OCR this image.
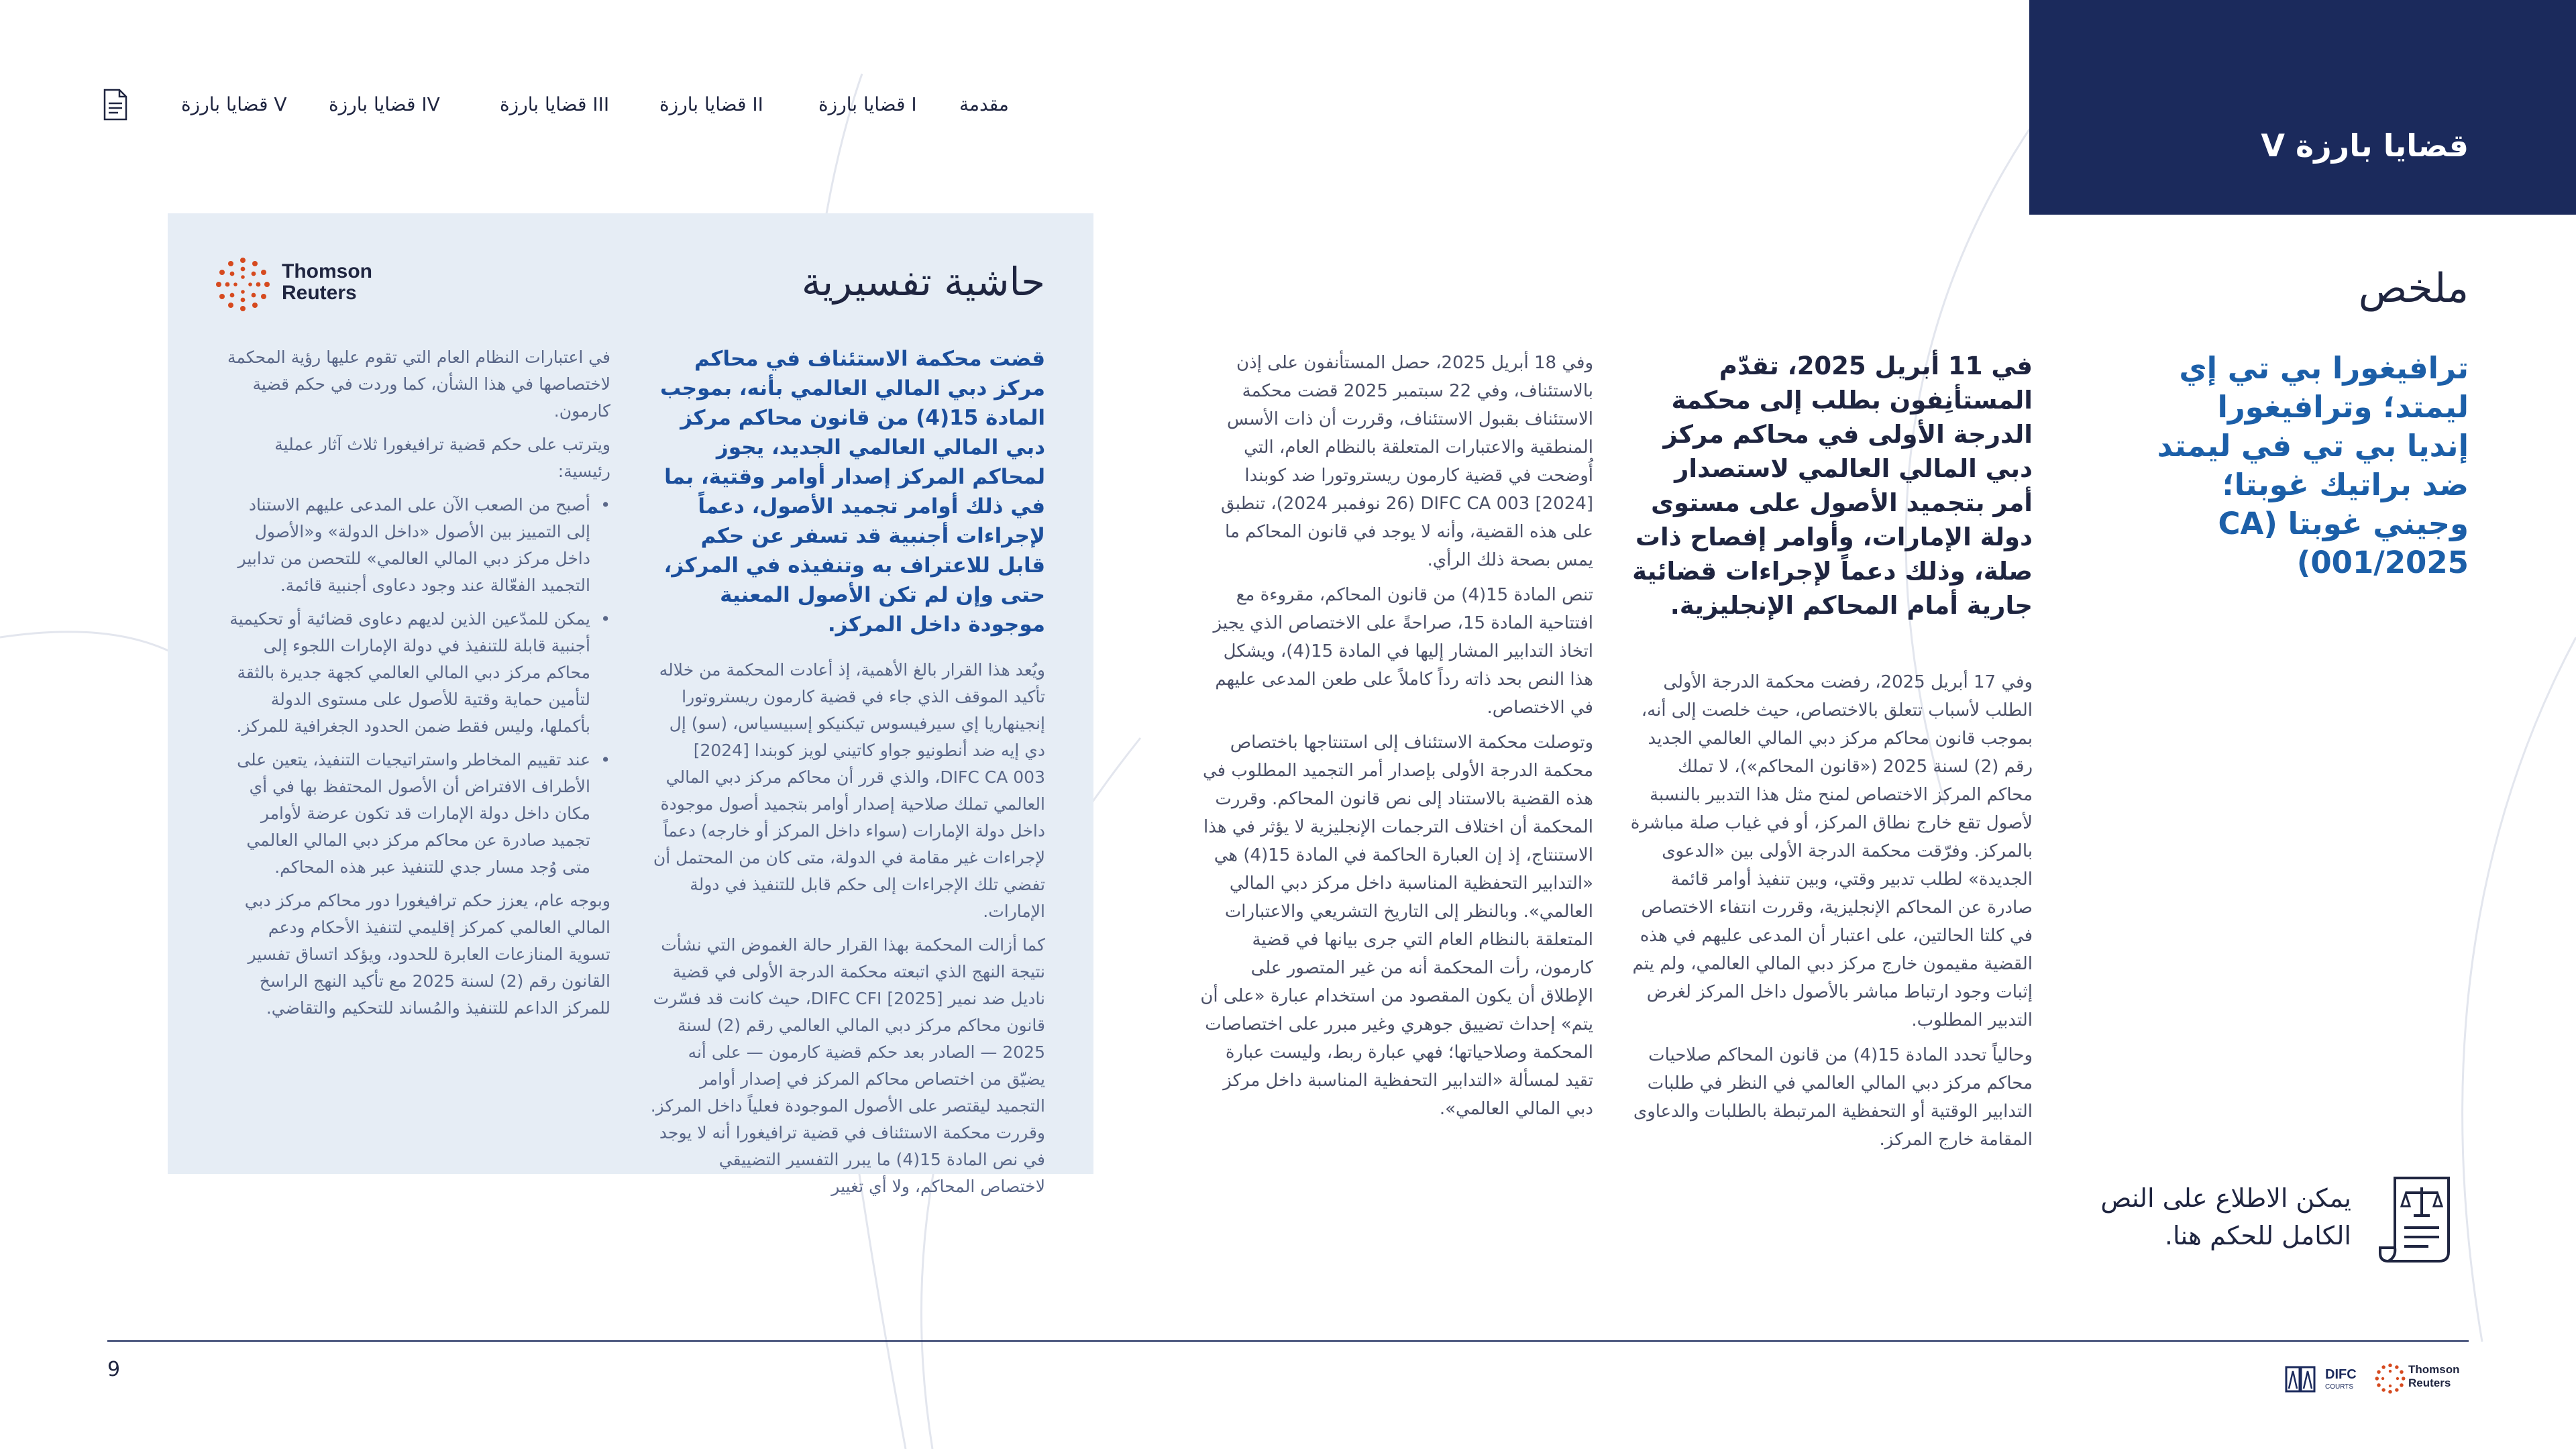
مقدمة
قضايا بارزة I
قضايا بارزة II
قضايا بارزة III
قضايا بارزة IV
قضايا بارزة V
قضايا بارزة V
ملخص
ترافيغورا بي تي إي ليمتد؛ وترافيغورا إنديا بي تي في ليمتد ضد براتيك غوبتا؛ وجيني غوبتا (CA 001/2025)
في 11 أبريل 2025، تقدّم المستأنِفون بطلب إلى محكمة الدرجة الأولى في محاكم مركز دبي المالي العالمي لاستصدار أمر بتجميد الأصول على مستوى دولة الإمارات، وأوامر إفصاح ذات صلة، وذلك دعماً لإجراءات قضائية جارية أمام المحاكم الإنجليزية.

وفي 17 أبريل 2025، رفضت محكمة الدرجة الأولى الطلب لأسباب تتعلق بالاختصاص، حيث خلصت إلى أنه، بموجب قانون محاكم مركز دبي المالي العالمي الجديد رقم (2) لسنة 2025 («قانون المحاكم»)، لا تملك محاكم المركز الاختصاص لمنح مثل هذا التدبير بالنسبة لأصول تقع خارج نطاق المركز، أو في غياب صلة مباشرة بالمركز. وفرّقت محكمة الدرجة الأولى بين «الدعوى الجديدة» لطلب تدبير وقتي، وبين تنفيذ أوامر قائمة صادرة عن المحاكم الإنجليزية، وقررت انتفاء الاختصاص في كلتا الحالتين، على اعتبار أن المدعى عليهم في هذه القضية مقيمون خارج مركز دبي المالي العالمي، ولم يتم إثبات وجود ارتباط مباشر بالأصول داخل المركز لغرض التدبير المطلوب.

وحالياً تحدد المادة 15(4) من قانون المحاكم صلاحيات محاكم مركز دبي المالي العالمي في النظر في طلبات التدابير الوقتية أو التحفظية المرتبطة بالطلبات والدعاوى المقامة خارج المركز.

وفي 18 أبريل 2025، حصل المستأنفون على إذن بالاستئناف، وفي 22 سبتمبر 2025 قضت محكمة الاستئناف بقبول الاستئناف، وقررت أن ذات الأسس المنطقية والاعتبارات المتعلقة بالنظام العام، التي أُوضحت في قضية كارمون ريستروتورا ضد كوبندا [2024] DIFC CA 003 (26 نوفمبر 2024)، تنطبق على هذه القضية، وأنه لا يوجد في قانون المحاكم ما يمس بصحة ذلك الرأي.

تنص المادة 15(4) من قانون المحاكم، مقروءة مع افتتاحية المادة 15، صراحةً على الاختصاص الذي يجيز اتخاذ التدابير المشار إليها في المادة 15(4)، ويشكل هذا النص بحد ذاته رداً كاملاً على طعن المدعى عليهم في الاختصاص.

وتوصلت محكمة الاستئناف إلى استنتاجها باختصاص محكمة الدرجة الأولى بإصدار أمر التجميد المطلوب في هذه القضية بالاستناد إلى نص قانون المحاكم. وقررت المحكمة أن اختلاف الترجمات الإنجليزية لا يؤثر في هذا الاستنتاج، إذ إن العبارة الحاكمة في المادة 15(4) هي «التدابير التحفظية المناسبة داخل مركز دبي المالي العالمي». وبالنظر إلى التاريخ التشريعي والاعتبارات المتعلقة بالنظام العام التي جرى بيانها في قضية كارمون، رأت المحكمة أنه من غير المتصور على الإطلاق أن يكون المقصود من استخدام عبارة «على أن يتم» إحداث تضييق جوهري وغير مبرر على اختصاصات المحكمة وصلاحياتها؛ فهي عبارة ربط، وليست عبارة تقيد لمسألة «التدابير التحفظية المناسبة داخل مركز دبي المالي العالمي».

حاشية تفسيرية
Thomson
Reuters
قضت محكمة الاستئناف في محاكم مركز دبي المالي العالمي بأنه، بموجب المادة 15(4) من قانون محاكم مركز دبي المالي العالمي الجديد، يجوز لمحاكم المركز إصدار أوامر وقتية، بما في ذلك أوامر تجميد الأصول، دعماً لإجراءات أجنبية قد تسفر عن حكم قابل للاعتراف به وتنفيذه في المركز، حتى وإن لم تكن الأصول المعنية موجودة داخل المركز.

ويُعد هذا القرار بالغ الأهمية، إذ أعادت المحكمة من خلاله تأكيد الموقف الذي جاء في قضية كارمون ريستروتورا إنجينهاريا إي سيرفيسوس تيكنيكو إسبيسياس، (سو) إل دي إيه ضد أنطونيو جواو كاتيني لويز كوبندا [2024] DIFC CA 003، والذي قرر أن محاكم مركز دبي المالي العالمي تملك صلاحية إصدار أوامر بتجميد أصول موجودة داخل دولة الإمارات (سواء داخل المركز أو خارجه) دعماً لإجراءات غير مقامة في الدولة، متى كان من المحتمل أن تفضي تلك الإجراءات إلى حكم قابل للتنفيذ في دولة الإمارات.

كما أزالت المحكمة بهذا القرار حالة الغموض التي نشأت نتيجة النهج الذي اتبعته محكمة الدرجة الأولى في قضية ناديل ضد نمير [2025] DIFC CFI، حيث كانت قد فسّرت قانون محاكم مركز دبي المالي العالمي رقم (2) لسنة 2025 — الصادر بعد حكم قضية كارمون — على أنه يضيّق من اختصاص محاكم المركز في إصدار أوامر التجميد ليقتصر على الأصول الموجودة فعلياً داخل المركز. وقررت محكمة الاستئناف في قضية ترافيغورا أنه لا يوجد في نص المادة 15(4) ما يبرر التفسير التضييقي لاختصاص المحاكم، ولا أي تغيير

في اعتبارات النظام العام التي تقوم عليها رؤية المحكمة لاختصاصها في هذا الشأن، كما وردت في حكم قضية كارمون.

ويترتب على حكم قضية ترافيغورا ثلاث آثار عملية رئيسية:

• أصبح من الصعب الآن على المدعى عليهم الاستناد إلى التمييز بين الأصول «داخل الدولة» و«الأصول داخل مركز دبي المالي العالمي» للتحصن من تدابير التجميد الفعّالة عند وجود دعاوى أجنبية قائمة.
• يمكن للمدّعين الذين لديهم دعاوى قضائية أو تحكيمية أجنبية قابلة للتنفيذ في دولة الإمارات اللجوء إلى محاكم مركز دبي المالي العالمي كجهة جديرة بالثقة لتأمين حماية وقتية للأصول على مستوى الدولة بأكملها، وليس فقط ضمن الحدود الجغرافية للمركز.
• عند تقييم المخاطر واستراتيجيات التنفيذ، يتعين على الأطراف الافتراض أن الأصول المحتفظ بها في أي مكان داخل دولة الإمارات قد تكون عرضة لأوامر تجميد صادرة عن محاكم مركز دبي المالي العالمي متى وُجد مسار جدي للتنفيذ عبر هذه المحاكم.

وبوجه عام، يعزز حكم ترافيغورا دور محاكم مركز دبي المالي العالمي كمركز إقليمي لتنفيذ الأحكام ودعم تسوية المنازعات العابرة للحدود، ويؤكد اتساق تفسير القانون رقم (2) لسنة 2025 مع تأكيد النهج الراسخ للمركز الداعم للتنفيذ والمُساند للتحكيم والتقاضي.

يمكن الاطلاع على النص الكامل للحكم هنا.
9	DIFC
COURTS
Thomson
Reuters
